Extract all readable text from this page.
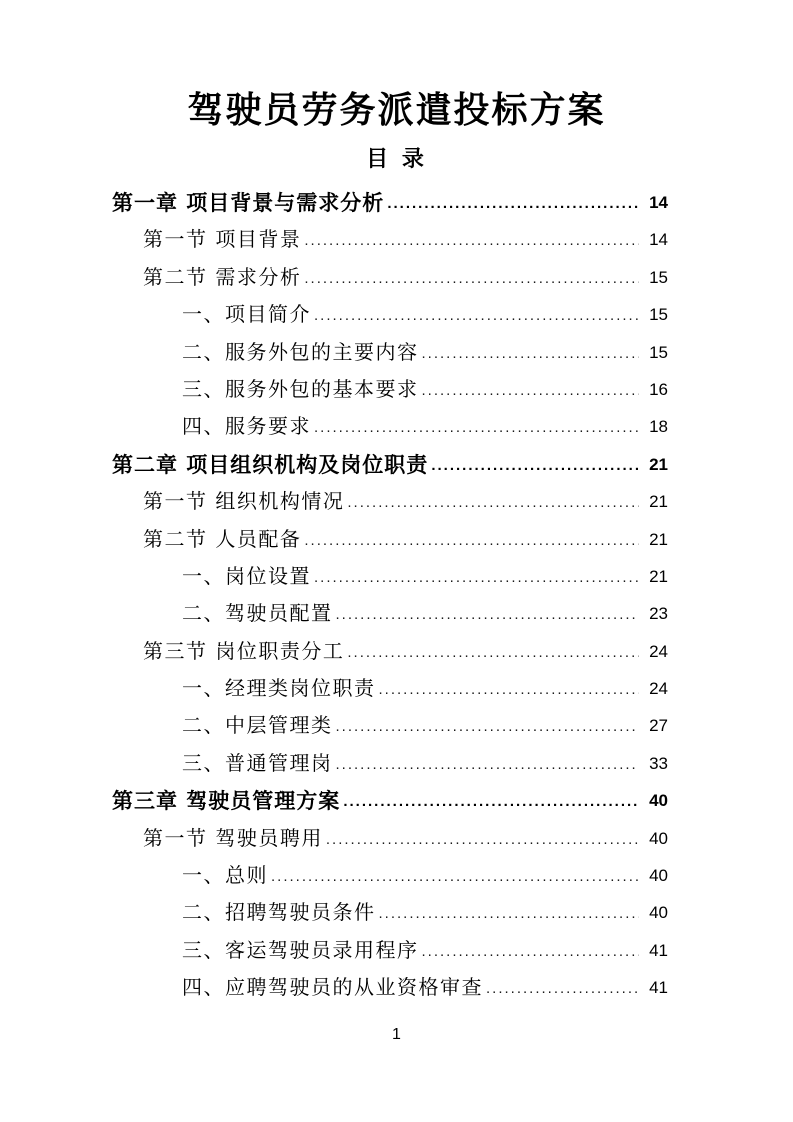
驾驶员劳务派遣投标方案
目 录
第一章 项目背景与需求分析 .....	14
第一节 项目背景 .....	14
第二节 需求分析 .....	15
一、项目简介 .....	15
二、服务外包的主要内容 .....	15
三、服务外包的基本要求 .....	16
四、服务要求 .....	18
第二章 项目组织机构及岗位职责 .....	21
第一节 组织机构情况 .....	21
第二节 人员配备 .....	21
一、岗位设置 .....	21
二、驾驶员配置 .....	23
第三节 岗位职责分工 .....	24
一、经理类岗位职责 .....	24
二、中层管理类 .....	27
三、普通管理岗 .....	33
第三章 驾驶员管理方案 .....	40
第一节 驾驶员聘用 .....	40
一、总则 .....	40
二、招聘驾驶员条件 .....	40
三、客运驾驶员录用程序 .....	41
四、应聘驾驶员的从业资格审查 .....	41
1
